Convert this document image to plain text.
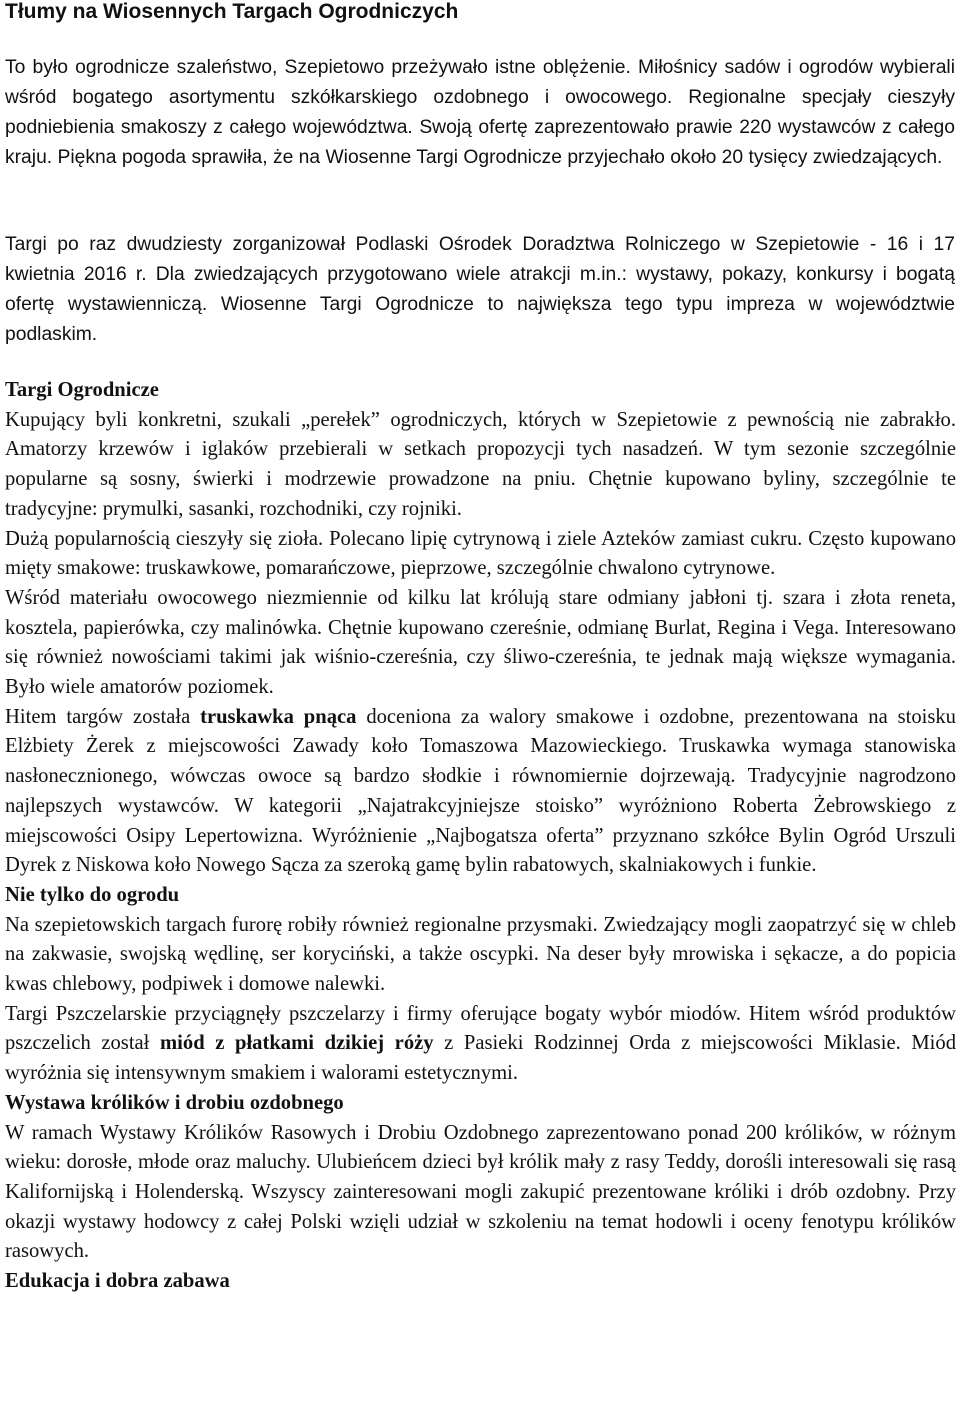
Tłumy na Wiosennych Targach Ogrodniczych

To było ogrodnicze szaleństwo, Szepietowo przeżywało istne oblężenie. Miłośnicy sadów i ogrodów wybierali wśród bogatego asortymentu szkółkarskiego ozdobnego i owocowego. Regionalne specjały cieszyły podniebienia smakoszy z całego województwa. Swoją ofertę zaprezentowało prawie 220 wystawców z całego kraju. Piękna pogoda sprawiła, że na Wiosenne Targi Ogrodnicze przyjechało około 20 tysięcy zwiedzających.

Targi po raz dwudziesty zorganizował Podlaski Ośrodek Doradztwa Rolniczego w Szepietowie - 16 i 17 kwietnia 2016 r. Dla zwiedzających przygotowano wiele atrakcji m.in.: wystawy, pokazy, konkursy i bogatą ofertę wystawienniczą. Wiosenne Targi Ogrodnicze to największa tego typu impreza w województwie podlaskim.

Targi Ogrodnicze

Kupujący byli konkretni, szukali „perełek” ogrodniczych, których w Szepietowie z pewnością nie zabrakło. Amatorzy krzewów i iglaków przebierali w setkach propozycji tych nasadzeń. W tym sezonie szczególnie popularne są sosny, świerki i modrzewie prowadzone na pniu. Chętnie kupowano byliny, szczególnie te tradycyjne: prymulki, sasanki, rozchodniki, czy rojniki.

Dużą popularnością cieszyły się zioła. Polecano lipię cytrynową i ziele Azteków zamiast cukru. Często kupowano mięty smakowe: truskawkowe, pomarańczowe, pieprzowe, szczególnie chwalono cytrynowe.

Wśród materiału owocowego niezmiennie od kilku lat królują stare odmiany jabłoni tj. szara i złota reneta, kosztela, papierówka, czy malinówka. Chętnie kupowano czereśnie, odmianę Burlat, Regina i Vega. Interesowano się również nowościami takimi jak wiśnio-czereśnia, czy śliwo-czereśnia, te jednak mają większe wymagania. Było wiele amatorów poziomek.

Hitem targów została truskawka pnąca doceniona za walory smakowe i ozdobne, prezentowana na stoisku Elżbiety Żerek z miejscowości Zawady koło Tomaszowa Mazowieckiego. Truskawka wymaga stanowiska nasłonecznionego, wówczas owoce są bardzo słodkie i równomiernie dojrzewają. Tradycyjnie nagrodzono najlepszych wystawców. W kategorii „Najatrakcyjniejsze stoisko” wyróżniono Roberta Żebrowskiego z miejscowości Osipy Lepertowizna. Wyróżnienie „Najbogatsza oferta” przyznano szkółce Bylin Ogród Urszuli Dyrek z Niskowa koło Nowego Sącza za szeroką gamę bylin rabatowych, skalniakowych i funkie.

Nie tylko do ogrodu

Na szepietowskich targach furorę robiły również regionalne przysmaki. Zwiedzający mogli zaopatrzyć się w chleb na zakwasie, swojską wędlinę, ser koryciński, a także oscypki. Na deser były mrowiska i sękacze, a do popicia kwas chlebowy, podpiwek i domowe nalewki.

Targi Pszczelarskie przyciągnęły pszczelarzy i firmy oferujące bogaty wybór miodów. Hitem wśród produktów pszczelich został miód z płatkami dzikiej róży z Pasieki Rodzinnej Orda z miejscowości Miklasie. Miód wyróżnia się intensywnym smakiem i walorami estetycznymi.

Wystawa królików i drobiu ozdobnego

W ramach Wystawy Królików Rasowych i Drobiu Ozdobnego zaprezentowano ponad 200 królików, w różnym wieku: dorosłe, młode oraz maluchy. Ulubieńcem dzieci był królik mały z rasy Teddy, dorośli interesowali się rasą Kalifornijską i Holenderską. Wszyscy zainteresowani mogli zakupić prezentowane króliki i drób ozdobny. Przy okazji wystawy hodowcy z całej Polski wzięli udział w szkoleniu na temat hodowli i oceny fenotypu królików rasowych.

Edukacja i dobra zabawa
